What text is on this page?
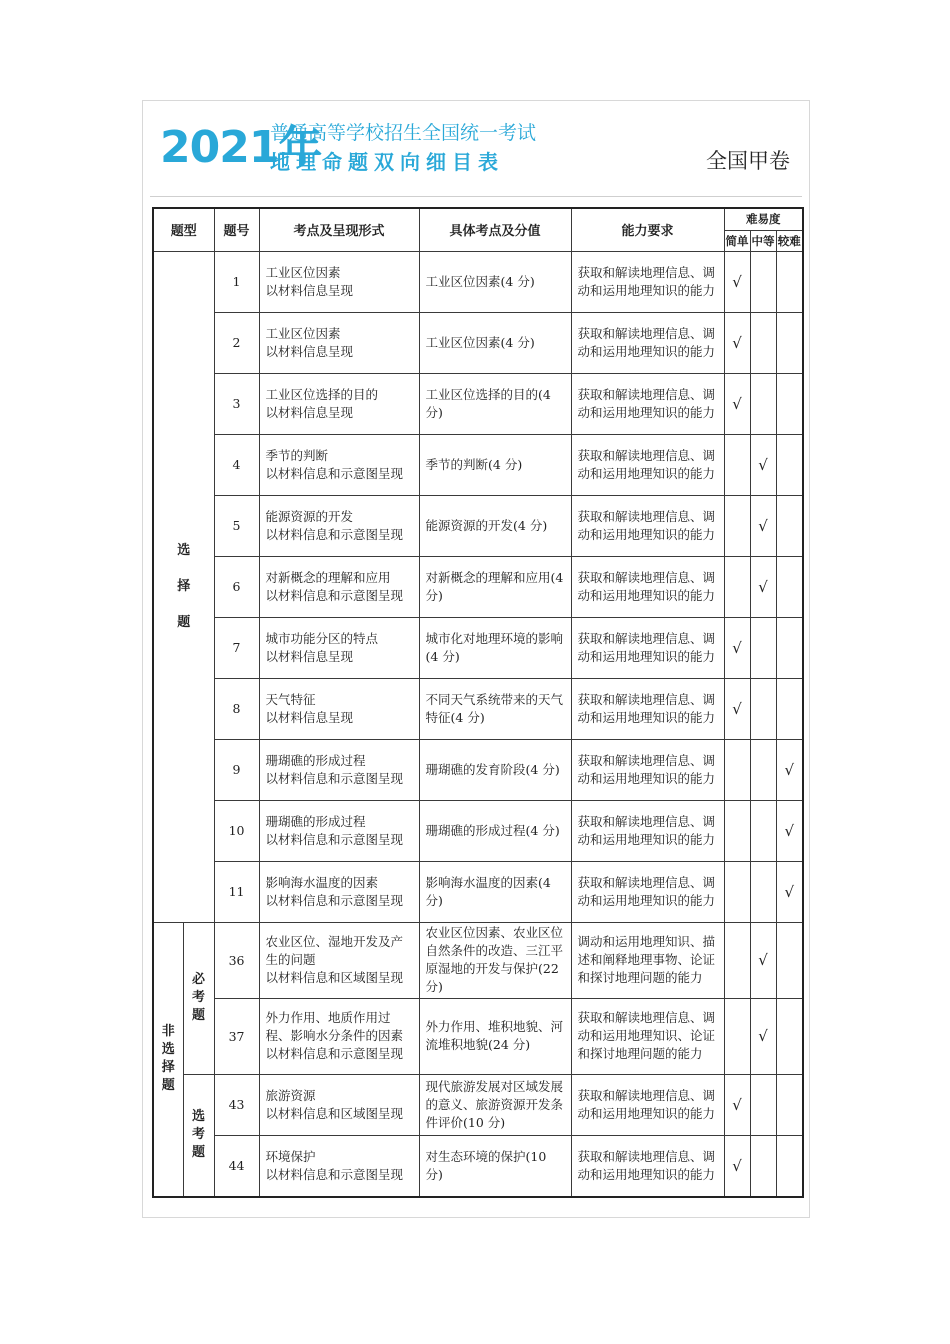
2021年
普通高等学校招生全国统一考试
地理命题双向细目表	全国甲卷
题型		题号	考点及呈现形式	具体考点及分值	能力要求	难易度		
						简单	中等	较难
选

择

题		1	工业区位因素
以材料信息呈现	工业区位因素(4 分)	获取和解读地理信息、调动和运用地理知识的能力	√		
		2	工业区位因素
以材料信息呈现	工业区位因素(4 分)	获取和解读地理信息、调动和运用地理知识的能力	√		
		3	工业区位选择的目的
以材料信息呈现	工业区位选择的目的(4 分)	获取和解读地理信息、调动和运用地理知识的能力	√		
		4	季节的判断
以材料信息和示意图呈现	季节的判断(4 分)	获取和解读地理信息、调动和运用地理知识的能力		√	
		5	能源资源的开发
以材料信息和示意图呈现	能源资源的开发(4 分)	获取和解读地理信息、调动和运用地理知识的能力		√	
		6	对新概念的理解和应用
以材料信息和示意图呈现	对新概念的理解和应用(4 分)	获取和解读地理信息、调动和运用地理知识的能力		√	
		7	城市功能分区的特点
以材料信息呈现	城市化对地理环境的影响(4 分)	获取和解读地理信息、调动和运用地理知识的能力	√		
		8	天气特征
以材料信息呈现	不同天气系统带来的天气特征(4 分)	获取和解读地理信息、调动和运用地理知识的能力	√		
		9	珊瑚礁的形成过程
以材料信息和示意图呈现	珊瑚礁的发育阶段(4 分)	获取和解读地理信息、调动和运用地理知识的能力			√
		10	珊瑚礁的形成过程
以材料信息和示意图呈现	珊瑚礁的形成过程(4 分)	获取和解读地理信息、调动和运用地理知识的能力			√
		11	影响海水温度的因素
以材料信息和示意图呈现	影响海水温度的因素(4 分)	获取和解读地理信息、调动和运用地理知识的能力			√
非
选
择
题	必
考
题	36	农业区位、湿地开发及产生的问题
以材料信息和区域图呈现	农业区位因素、农业区位自然条件的改造、三江平原湿地的开发与保护(22 分)	调动和运用地理知识、描述和阐释地理事物、论证和探讨地理问题的能力		√	
		37	外力作用、地质作用过程、影响水分条件的因素
以材料信息和示意图呈现	外力作用、堆积地貌、河流堆积地貌(24 分)	获取和解读地理信息、调动和运用地理知识、论证和探讨地理问题的能力		√	
	选
考
题	43	旅游资源
以材料信息和区域图呈现	现代旅游发展对区域发展的意义、旅游资源开发条件评价(10 分)	获取和解读地理信息、调动和运用地理知识的能力	√		
		44	环境保护
以材料信息和示意图呈现	对生态环境的保护(10 分)	获取和解读地理信息、调动和运用地理知识的能力	√		
